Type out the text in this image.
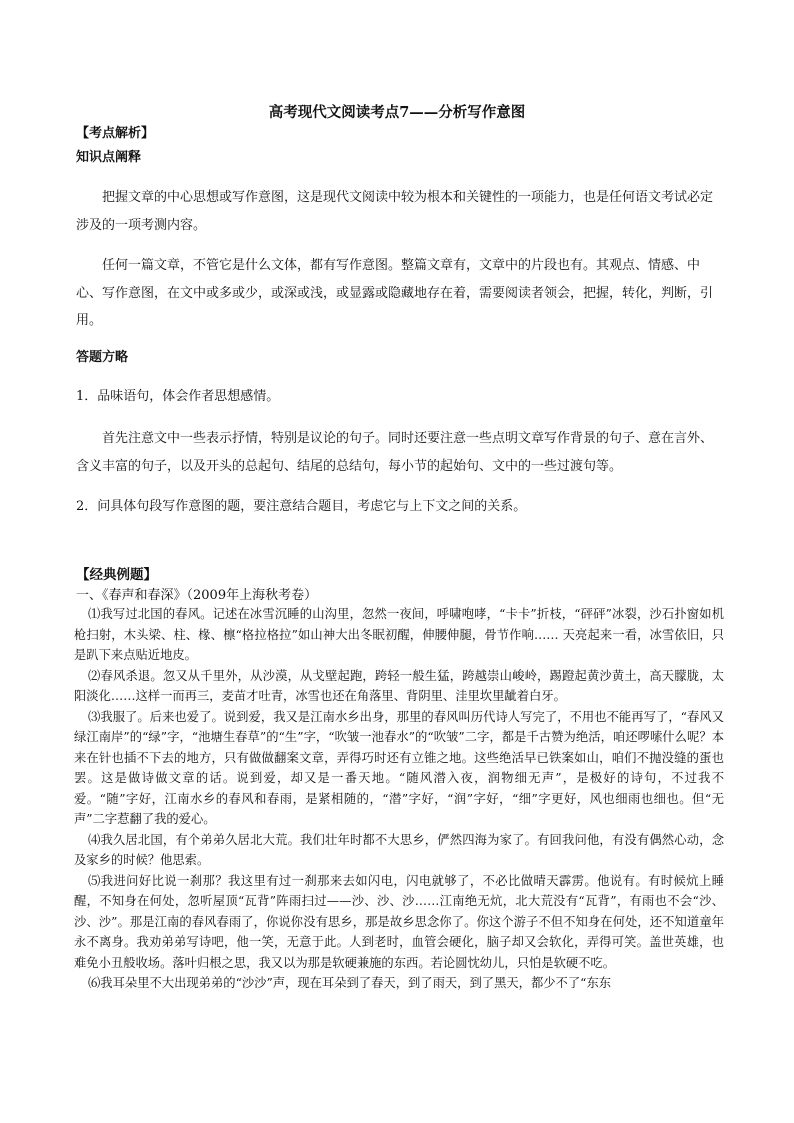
高考现代文阅读考点7——分析写作意图
【考点解析】
知识点阐释
把握文章的中心思想或写作意图，这是现代文阅读中较为根本和关键性的一项能力，也是任何语文考试必定涉及的一项考测内容。
任何一篇文章，不管它是什么文体，都有写作意图。整篇文章有，文章中的片段也有。其观点、情感、中心、写作意图，在文中或多或少，或深或浅，或显露或隐藏地存在着，需要阅读者领会，把握，转化，判断，引用。
答题方略
1．品味语句，体会作者思想感情。
首先注意文中一些表示抒情，特别是议论的句子。同时还要注意一些点明文章写作背景的句子、意在言外、含义丰富的句子，以及开头的总起句、结尾的总结句，每小节的起始句、文中的一些过渡句等。
2．问具体句段写作意图的题，要注意结合题目，考虑它与上下文之间的关系。
【经典例题】
一、《春声和春深》（2009年上海秋考卷）

⑴我写过北国的春风。记述在冰雪沉睡的山沟里，忽然一夜间，呼啸咆哮，“卡卡”折枝，“砰砰”冰裂，沙石扑窗如机枪扫射，木头梁、柱、椽、檩“格拉格拉”如山神大出冬眠初醒，伸腰伸腿，骨节作响…… 天亮起来一看，冰雪依旧，只是趴下来点贴近地皮。

⑵春风杀退。忽又从千里外，从沙漠，从戈壁起跑，跨轻一般生猛，跨越崇山峻岭，踢蹬起黄沙黄土，高天朦胧，太阳淡化……这样一而再三，麦苗才吐青，冰雪也还在角落里、背阴里、洼里坎里龇着白牙。

⑶我服了。后来也爱了。说到爱，我又是江南水乡出身，那里的春风叫历代诗人写完了，不用也不能再写了，“春风又绿江南岸”的“绿”字，“池塘生春草”的“生”字，“吹皱一池春水”的“吹皱”二字，都是千古赞为绝活，咱还啰嗦什么呢？本来在针也插不下去的地方，只有做做翻案文章，弄得巧时还有立锥之地。这些绝活早已铁案如山，咱们不抛没缝的蛋也罢。这是做诗做文章的话。说到爱，却又是一番天地。“随风潜入夜，润物细无声”，是极好的诗句，不过我不爱。“随”字好，江南水乡的春风和春雨，是紧相随的，“潜”字好，“润”字好，“细”字更好，风也细雨也细也。但“无声”二字惹翻了我的爱心。

⑷我久居北国，有个弟弟久居北大荒。我们壮年时都不大思乡，俨然四海为家了。有回我问他，有没有偶然心动，念及家乡的时候？他思索。

⑸我进问好比说一刹那？我这里有过一刹那来去如闪电，闪电就够了，不必比做晴天霹雳。他说有。有时候炕上睡醒，不知身在何处，忽听屋顶“瓦背”阵雨扫过——沙、沙、沙……江南绝无炕，北大荒没有“瓦背”，有雨也不会“沙、沙、沙”。那是江南的春风春雨了，你说你没有思乡，那是故乡思念你了。你这个游子不但不知身在何处，还不知道童年永不离身。我劝弟弟写诗吧，他一笑，无意于此。人到老时，血管会硬化，脑子却又会软化，弄得可笑。盖世英雄，也难免小丑般收场。落叶归根之思，我又以为那是软硬兼施的东西。若论圆忱幼儿，只怕是软硬不吃。

⑹我耳朵里不大出现弟弟的“沙沙”声，现在耳朵到了春天，到了雨天，到了黑天，都少不了“东东
